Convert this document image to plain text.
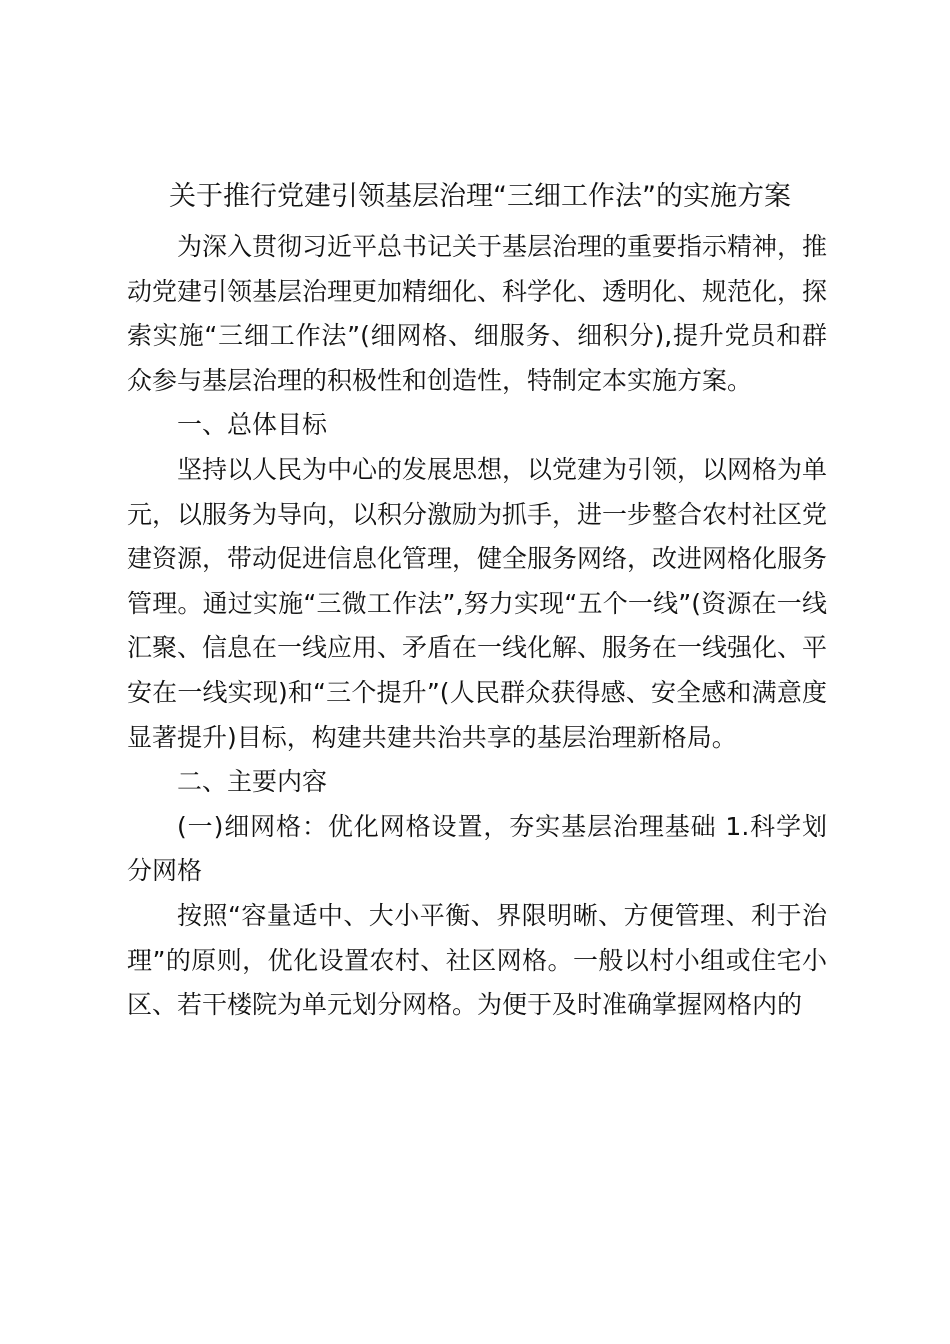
关于推行党建引领基层治理“三细工作法”的实施方案

为深入贯彻习近平总书记关于基层治理的重要指示精神，推动党建引领基层治理更加精细化、科学化、透明化、规范化，探索实施“三细工作法”(细网格、细服务、细积分),提升党员和群众参与基层治理的积极性和创造性，特制定本实施方案。

一、总体目标

坚持以人民为中心的发展思想，以党建为引领，以网格为单元，以服务为导向，以积分激励为抓手，进一步整合农村社区党建资源，带动促进信息化管理，健全服务网络，改进网格化服务管理。通过实施“三微工作法”,努力实现“五个一线”(资源在一线汇聚、信息在一线应用、矛盾在一线化解、服务在一线强化、平安在一线实现)和“三个提升”(人民群众获得感、安全感和满意度显著提升)目标，构建共建共治共享的基层治理新格局。

二、主要内容

(一)细网格：优化网格设置，夯实基层治理基础 1.科学划分网格

按照“容量适中、大小平衡、界限明晰、方便管理、利于治理”的原则，优化设置农村、社区网格。一般以村小组或住宅小区、若干楼院为单元划分网格。为便于及时准确掌握网格内的
